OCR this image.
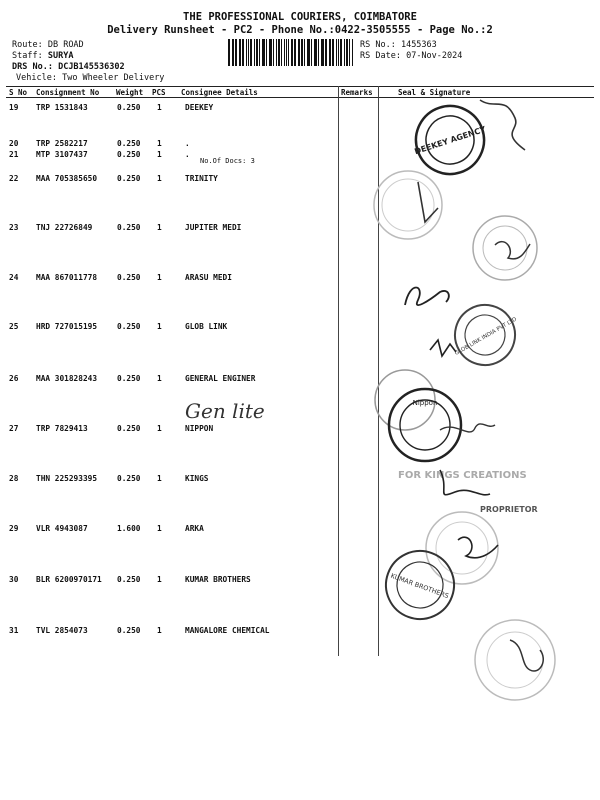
THE PROFESSIONAL COURIERS, COIMBATORE
Delivery Runsheet - PC2 - Phone No.:0422-3505555 - Page No.:2
Route: DB ROAD
Staff: SURYA
DRS No.: DCJB145536302
Vehicle: Two Wheeler Delivery
RS No.: 1455363
RS Date: 07-Nov-2024
S No Consignment No Weight PCS Consignee Details	Remarks	Seal & Signature
19 TRP 1531843	0.250 1	DEEKEY
20 TRP 2582217	0.250 1	.
21 MTP 3107437	0.250 1	.
22 MAA 705385650	0.250 1	TRINITY
23 TNJ 22726849	0.250 1	JUPITER MEDI
24 MAA 867011778	0.250 1	ARASU MEDI
25 HRD 727015195	0.250 1	GLOB LINK
26 MAA 301828243	0.250 1	GENERAL ENGINER
27 TRP 7829413	0.250 1	NIPPON
28 THN 225293395	0.250 1	KINGS
29 VLR 4943087	1.600 1	ARKA
30 BLR 6200970171 0.250 1	KUMAR BROTHERS
31 TVL 2854073	0.250 1	MANGALORE CHEMICAL
No.Of Docs: 3
DEEKEY AGENCY
GLOB LINK INDIA PVT LTD
Gen lite	Nippon
FOR KINGS CREATIONS
PROPRIETOR
KUMAR BROTHERS
